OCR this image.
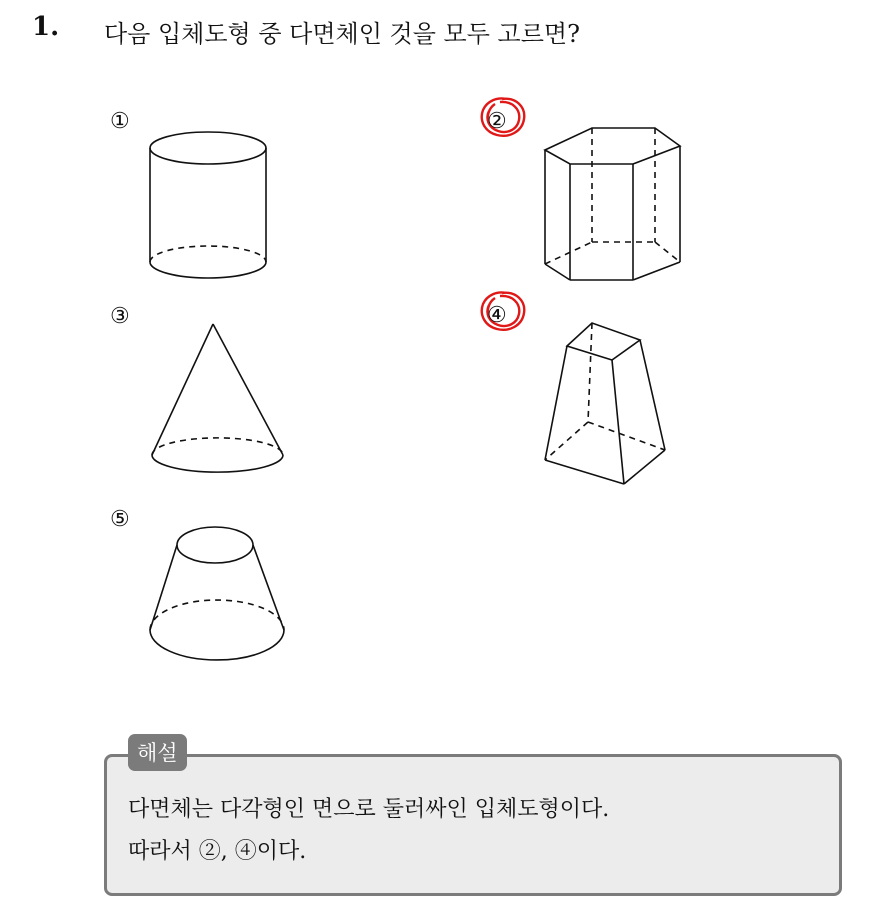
1. 다음 입체도형 중 다면체인 것을 모두 고르면?
①	②
③	④
⑤
해설
다면체는 다각형인 면으로 둘러싸인 입체도형이다.
따라서 ②, ④이다.
